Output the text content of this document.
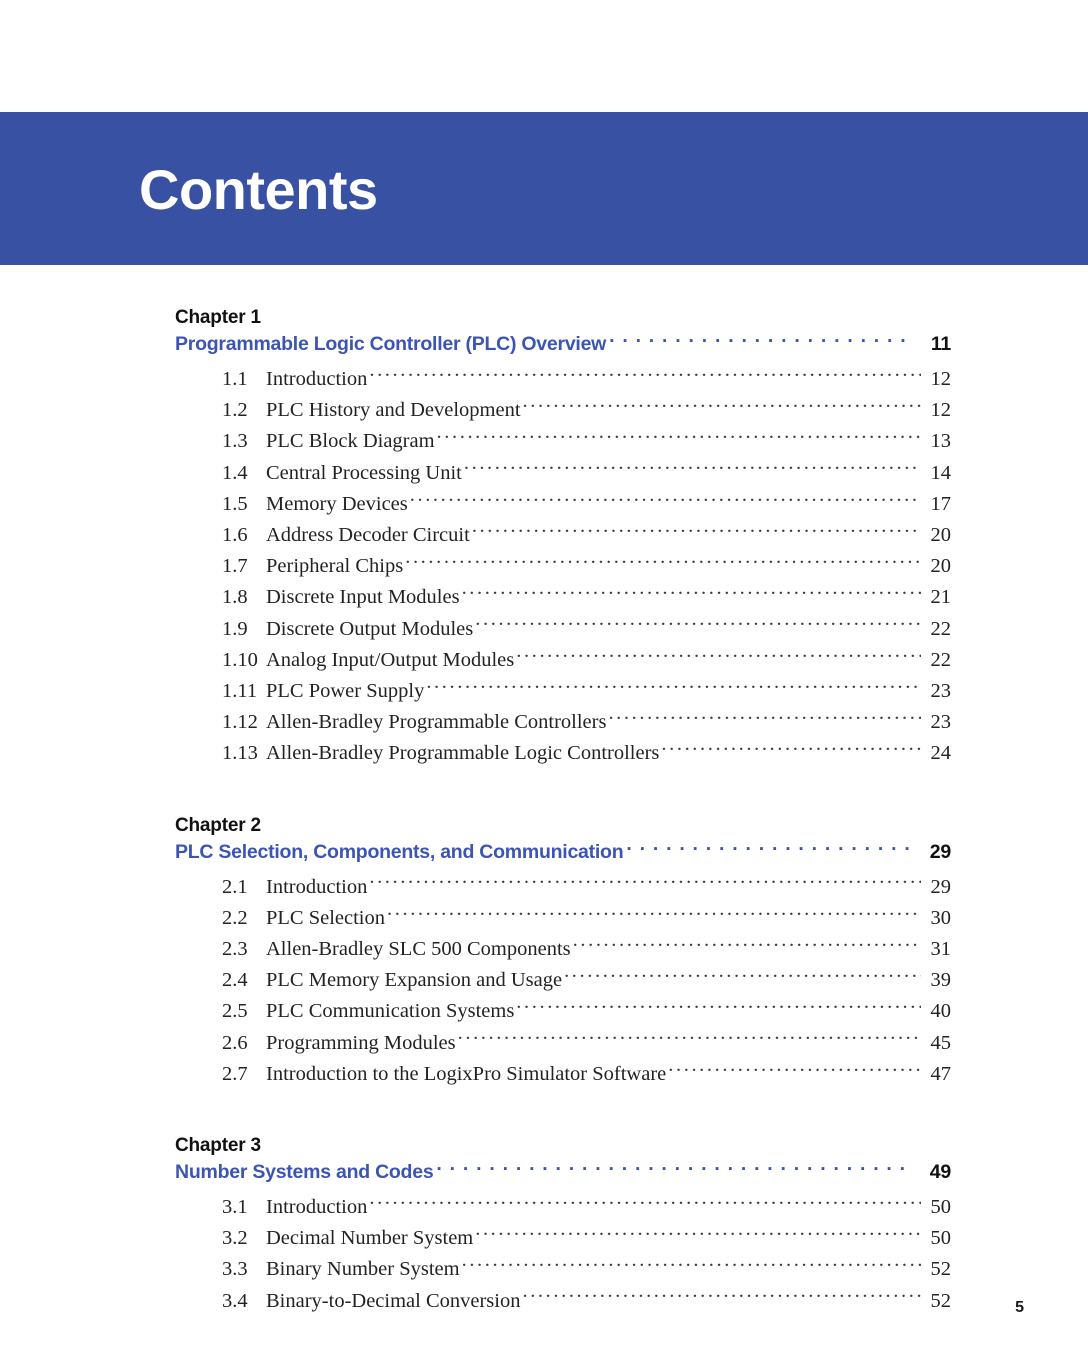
Contents
Chapter 1
Programmable Logic Controller (PLC) Overview . . .	11
1.1 Introduction .....	12
1.2 PLC History and Development .....	12
1.3 PLC Block Diagram .....	13
1.4 Central Processing Unit .....	14
1.5 Memory Devices .....	17
1.6 Address Decoder Circuit .....	20
1.7 Peripheral Chips .....	20
1.8 Discrete Input Modules .....	21
1.9 Discrete Output Modules .....	22
1.10 Analog Input/Output Modules .....	22
1.11 PLC Power Supply .....	23
1.12 Allen-Bradley Programmable Controllers .....	23
1.13 Allen-Bradley Programmable Logic Controllers .....	24
Chapter 2
PLC Selection, Components, and Communication . . .	29
2.1 Introduction .....	29
2.2 PLC Selection .....	30
2.3 Allen-Bradley SLC 500 Components .....	31
2.4 PLC Memory Expansion and Usage .....	39
2.5 PLC Communication Systems .....	40
2.6 Programming Modules .....	45
2.7 Introduction to the LogixPro Simulator Software .....	47
Chapter 3
Number Systems and Codes . . .	49
3.1 Introduction .....	50
3.2 Decimal Number System .....	50
3.3 Binary Number System .....	52
3.4 Binary-to-Decimal Conversion .....	52	5
